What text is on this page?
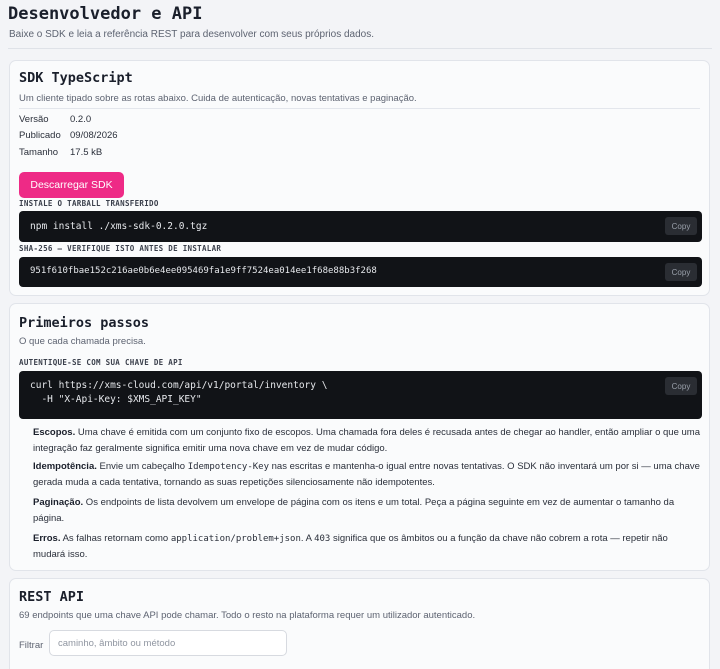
Desenvolvedor e API
Baixe o SDK e leia a referência REST para desenvolver com seus próprios dados.
SDK TypeScript
Um cliente tipado sobre as rotas abaixo. Cuida de autenticação, novas tentativas e paginação.
Versão 0.2.0
Publicado 09/08/2026
Tamanho 17.5 kB
Descarregar SDK
INSTALE O TARBALL TRANSFERIDO
npm install ./xms-sdk-0.2.0.tgz	Copy
SHA-256 — VERIFIQUE ISTO ANTES DE INSTALAR
951f610fbae152c216ae0b6e4ee095469fa1e9ff7524ea014ee1f68e88b3f268	Copy
Primeiros passos
O que cada chamada precisa.
AUTENTIQUE-SE COM SUA CHAVE DE API
curl https://xms-cloud.com/api/v1/portal/inventory \
-H "X-Api-Key: $XMS_API_KEY"
Copy
Escopos. Uma chave é emitida com um conjunto fixo de escopos. Uma chamada fora deles é recusada antes de chegar ao handler, então ampliar o que uma integração faz geralmente significa emitir uma nova chave em vez de mudar código.
Idempotência. Envie um cabeçalho Idempotency-Key nas escritas e mantenha-o igual entre novas tentativas. O SDK não inventará um por si — uma chave gerada muda a cada tentativa, tornando as suas repetições silenciosamente não idempotentes.
Paginação. Os endpoints de lista devolvem um envelope de página com os itens e um total. Peça a página seguinte em vez de aumentar o tamanho da página.
Erros. As falhas retornam como application/problem+json. A 403 significa que os âmbitos ou a função da chave não cobrem a rota — repetir não mudará isso.
REST API
69 endpoints que uma chave API pode chamar. Todo o resto na plataforma requer um utilizador autenticado.
Filtrar
caminho, âmbito ou método
